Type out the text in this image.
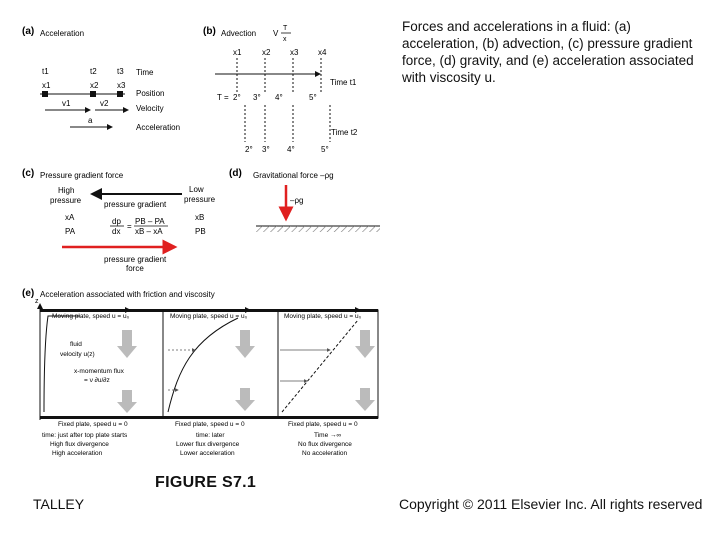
Forces and accelerations in a fluid: (a) acceleration, (b) advection, (c) pressure gradient force, (d) gravity, and (e) acceleration associated with viscosity u.
(a) Acceleration
t1	t2	t3
x1	x2 x3
v1	v2
a
Time
Position
Velocity
Acceleration
(b) Advection V
T
x
x1	x2 x3 x4
Time t1
T = 2° 3° 4°	5°
Time t2
2° 3° 4°	5°
(c) Pressure gradient force
High
pressure
Low
pressure
pressure gradient
xA
PA
xB
PB
dp
dx
=
PB – PA
xB – xA
pressure gradient
force
(d) Gravitational force –ρg
–ρg
(e) Acceleration associated with friction and viscosity
z
Moving plate, speed u = u₀
Fixed plate, speed u = 0
fluid
velocity u(z)
x-momentum flux
= ν ∂u/∂z
time: just after top plate starts
High flux divergence
High acceleration
Moving plate, speed u = u₀
Fixed plate, speed u = 0
time: later
Lower flux divergence
Lower acceleration
Moving plate, speed u = u₀
Fixed plate, speed u = 0
Time →∞
No flux divergence
No acceleration
FIGURE S7.1
TALLEY	Copyright © 2011 Elsevier Inc. All rights reserved
